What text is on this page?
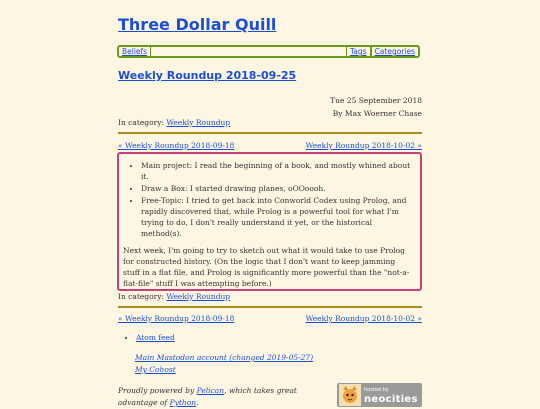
Three Dollar Quill
Beliefs	Tags	Categories
Weekly Roundup 2018-09-25
Tue 25 September 2018
By Max Woerner Chase
In category: Weekly Roundup
« Weekly Roundup 2018-09-18	Weekly Roundup 2018-10-02 »
• Main project: I read the beginning of a book, and mostly whined about it.
• Draw a Box: I started drawing planes, oOOoooh.
• Free-Topic: I tried to get back into Conworld Codex using Prolog, and rapidly discovered that, while Prolog is a powerful tool for what I'm trying to do, I don't really understand it yet, or the historical method(s).

Next week, I'm going to try to sketch out what it would take to use Prolog for constructed history. (On the logic that I don't want to keep jamming stuff in a flat file, and Prolog is significantly more powerful than the "not-a-flat-file" stuff I was attempting before.)

In category: Weekly Roundup
« Weekly Roundup 2018-09-18	Weekly Roundup 2018-10-02 »
• Atom feed
Main Mastodon account (changed 2019-05-27)
My Cohost
Proudly powered by Pelican, which takes great advantage of Python.
hosted by
neocities
